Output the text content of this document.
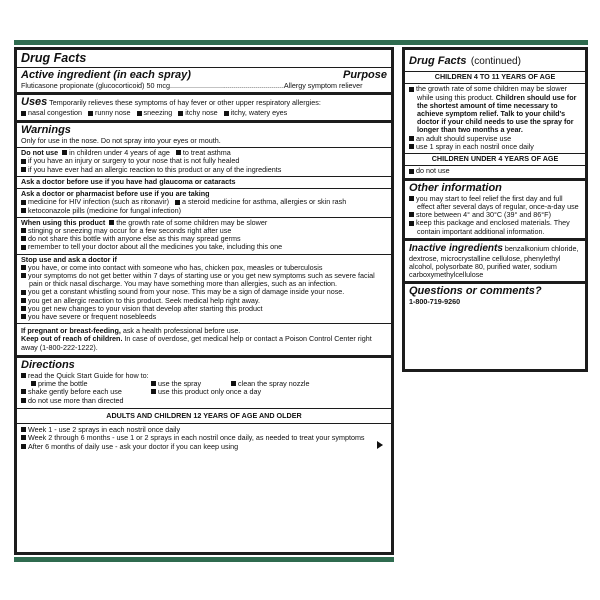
Drug Facts
Active ingredient (in each spray)	Purpose
Fluticasone propionate (glucocorticoid) 50 mcg.........................................................Allergy symptom reliever
Uses Temporarily relieves these symptoms of hay fever or other upper respiratory allergies:
nasal congestion runny nose sneezing itchy nose itchy, watery eyes
Warnings
Only for use in the nose. Do not spray into your eyes or mouth.
Do not use in children under 4 years of age to treat asthma
if you have an injury or surgery to your nose that is not fully healed
if you have ever had an allergic reaction to this product or any of the ingredients
Ask a doctor before use if you have had glaucoma or cataracts
Ask a doctor or pharmacist before use if you are taking
medicine for HIV infection (such as ritonavir) a steroid medicine for asthma, allergies or skin rash
ketoconazole pills (medicine for fungal infection)
When using this product the growth rate of some children may be slower
stinging or sneezing may occur for a few seconds right after use
do not share this bottle with anyone else as this may spread germs
remember to tell your doctor about all the medicines you take, including this one
Stop use and ask a doctor if
you have, or come into contact with someone who has, chicken pox, measles or tuberculosis
your symptoms do not get better within 7 days of starting use or you get new symptoms such as severe facial pain or thick nasal discharge. You may have something more than allergies, such as an infection.
you get a constant whistling sound from your nose. This may be a sign of damage inside your nose.
you get an allergic reaction to this product. Seek medical help right away.
you get new changes to your vision that develop after starting this product
you have severe or frequent nosebleeds
If pregnant or breast-feeding, ask a health professional before use.
Keep out of reach of children. In case of overdose, get medical help or contact a Poison Control Center right away (1-800-222-1222).
Directions
read the Quick Start Guide for how to:
prime the bottle	use the spray	clean the spray nozzle
shake gently before each use	use this product only once a day
do not use more than directed
ADULTS AND CHILDREN 12 YEARS OF AGE AND OLDER
Week 1 - use 2 sprays in each nostril once daily
Week 2 through 6 months - use 1 or 2 sprays in each nostril once daily, as needed to treat your symptoms
After 6 months of daily use - ask your doctor if you can keep using
Drug Facts (continued)
CHILDREN 4 TO 11 YEARS OF AGE
the growth rate of some children may be slower while using this product. Children should use for the shortest amount of time necessary to achieve symptom relief. Talk to your child's doctor if your child needs to use the spray for longer than two months a year.
an adult should supervise use
use 1 spray in each nostril once daily
CHILDREN UNDER 4 YEARS OF AGE
do not use
Other information
you may start to feel relief the first day and full effect after several days of regular, once-a-day use
store between 4° and 30°C (39° and 86°F)
keep this package and enclosed materials. They contain important additional information.
Inactive ingredients benzalkonium chloride, dextrose, microcrystalline cellulose, phenylethyl alcohol, polysorbate 80, purified water, sodium carboxymethylcellulose
Questions or comments?
1-800-719-9260
